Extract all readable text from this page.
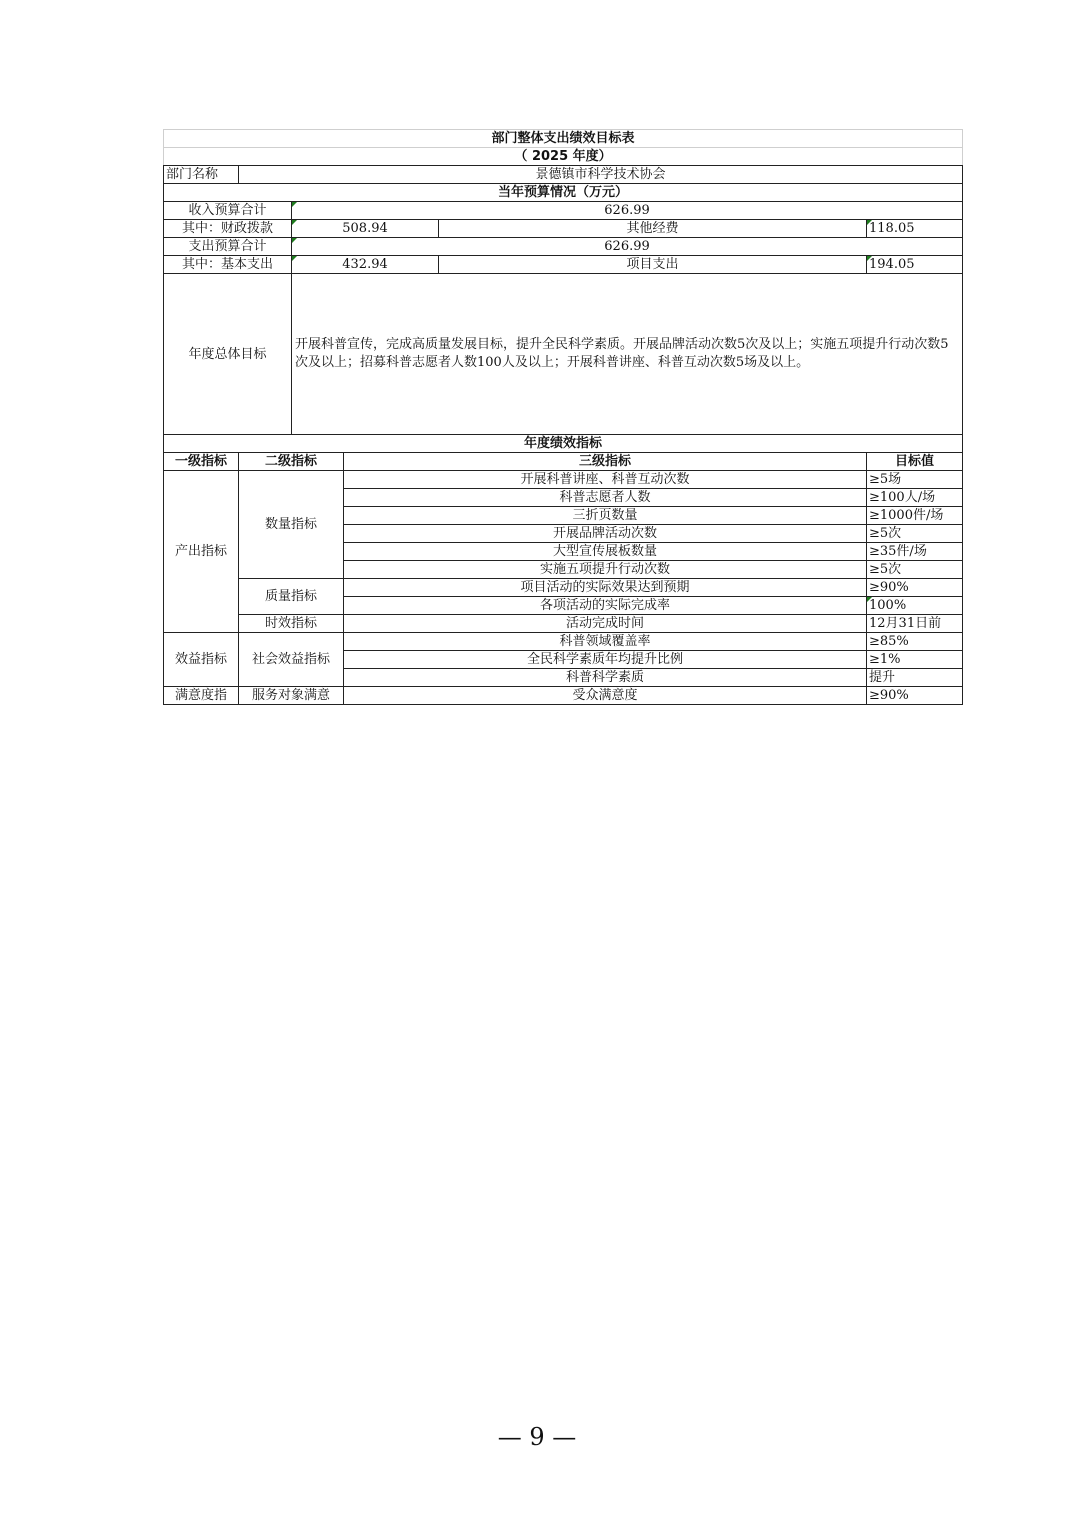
部门整体支出绩效目标表					
（ 2025 年度）					
部门名称	景德镇市科学技术协会				
当年预算情况（万元）					
收入预算合计		626.99			
其中：财政拨款		508.94		其他经费	118.05
支出预算合计		626.99			
其中：基本支出		432.94		项目支出	194.05
年度总体目标		开展科普宣传，完成高质量发展目标，提升全民科学素质。开展品牌活动次数5次及以上；实施五项提升行动次数5次及以上；招募科普志愿者人数100人及以上；开展科普讲座、科普互动次数5场及以上。			
年度绩效指标					
一级指标	二级指标		三级指标		目标值
产出指标	数量指标		开展科普讲座、科普互动次数		≥5场
			科普志愿者人数		≥100人/场
			三折页数量		≥1000件/场
			开展品牌活动次数		≥5次
			大型宣传展板数量		≥35件/场
			实施五项提升行动次数		≥5次
	质量指标		项目活动的实际效果达到预期		≥90%
			各项活动的实际完成率		100%
	时效指标		活动完成时间		12月31日前
效益指标	社会效益指标		科普领域覆盖率		≥85%
			全民科学素质年均提升比例		≥1%
			科普科学素质		提升
满意度指	服务对象满意		受众满意度		≥90%
— 9 —
